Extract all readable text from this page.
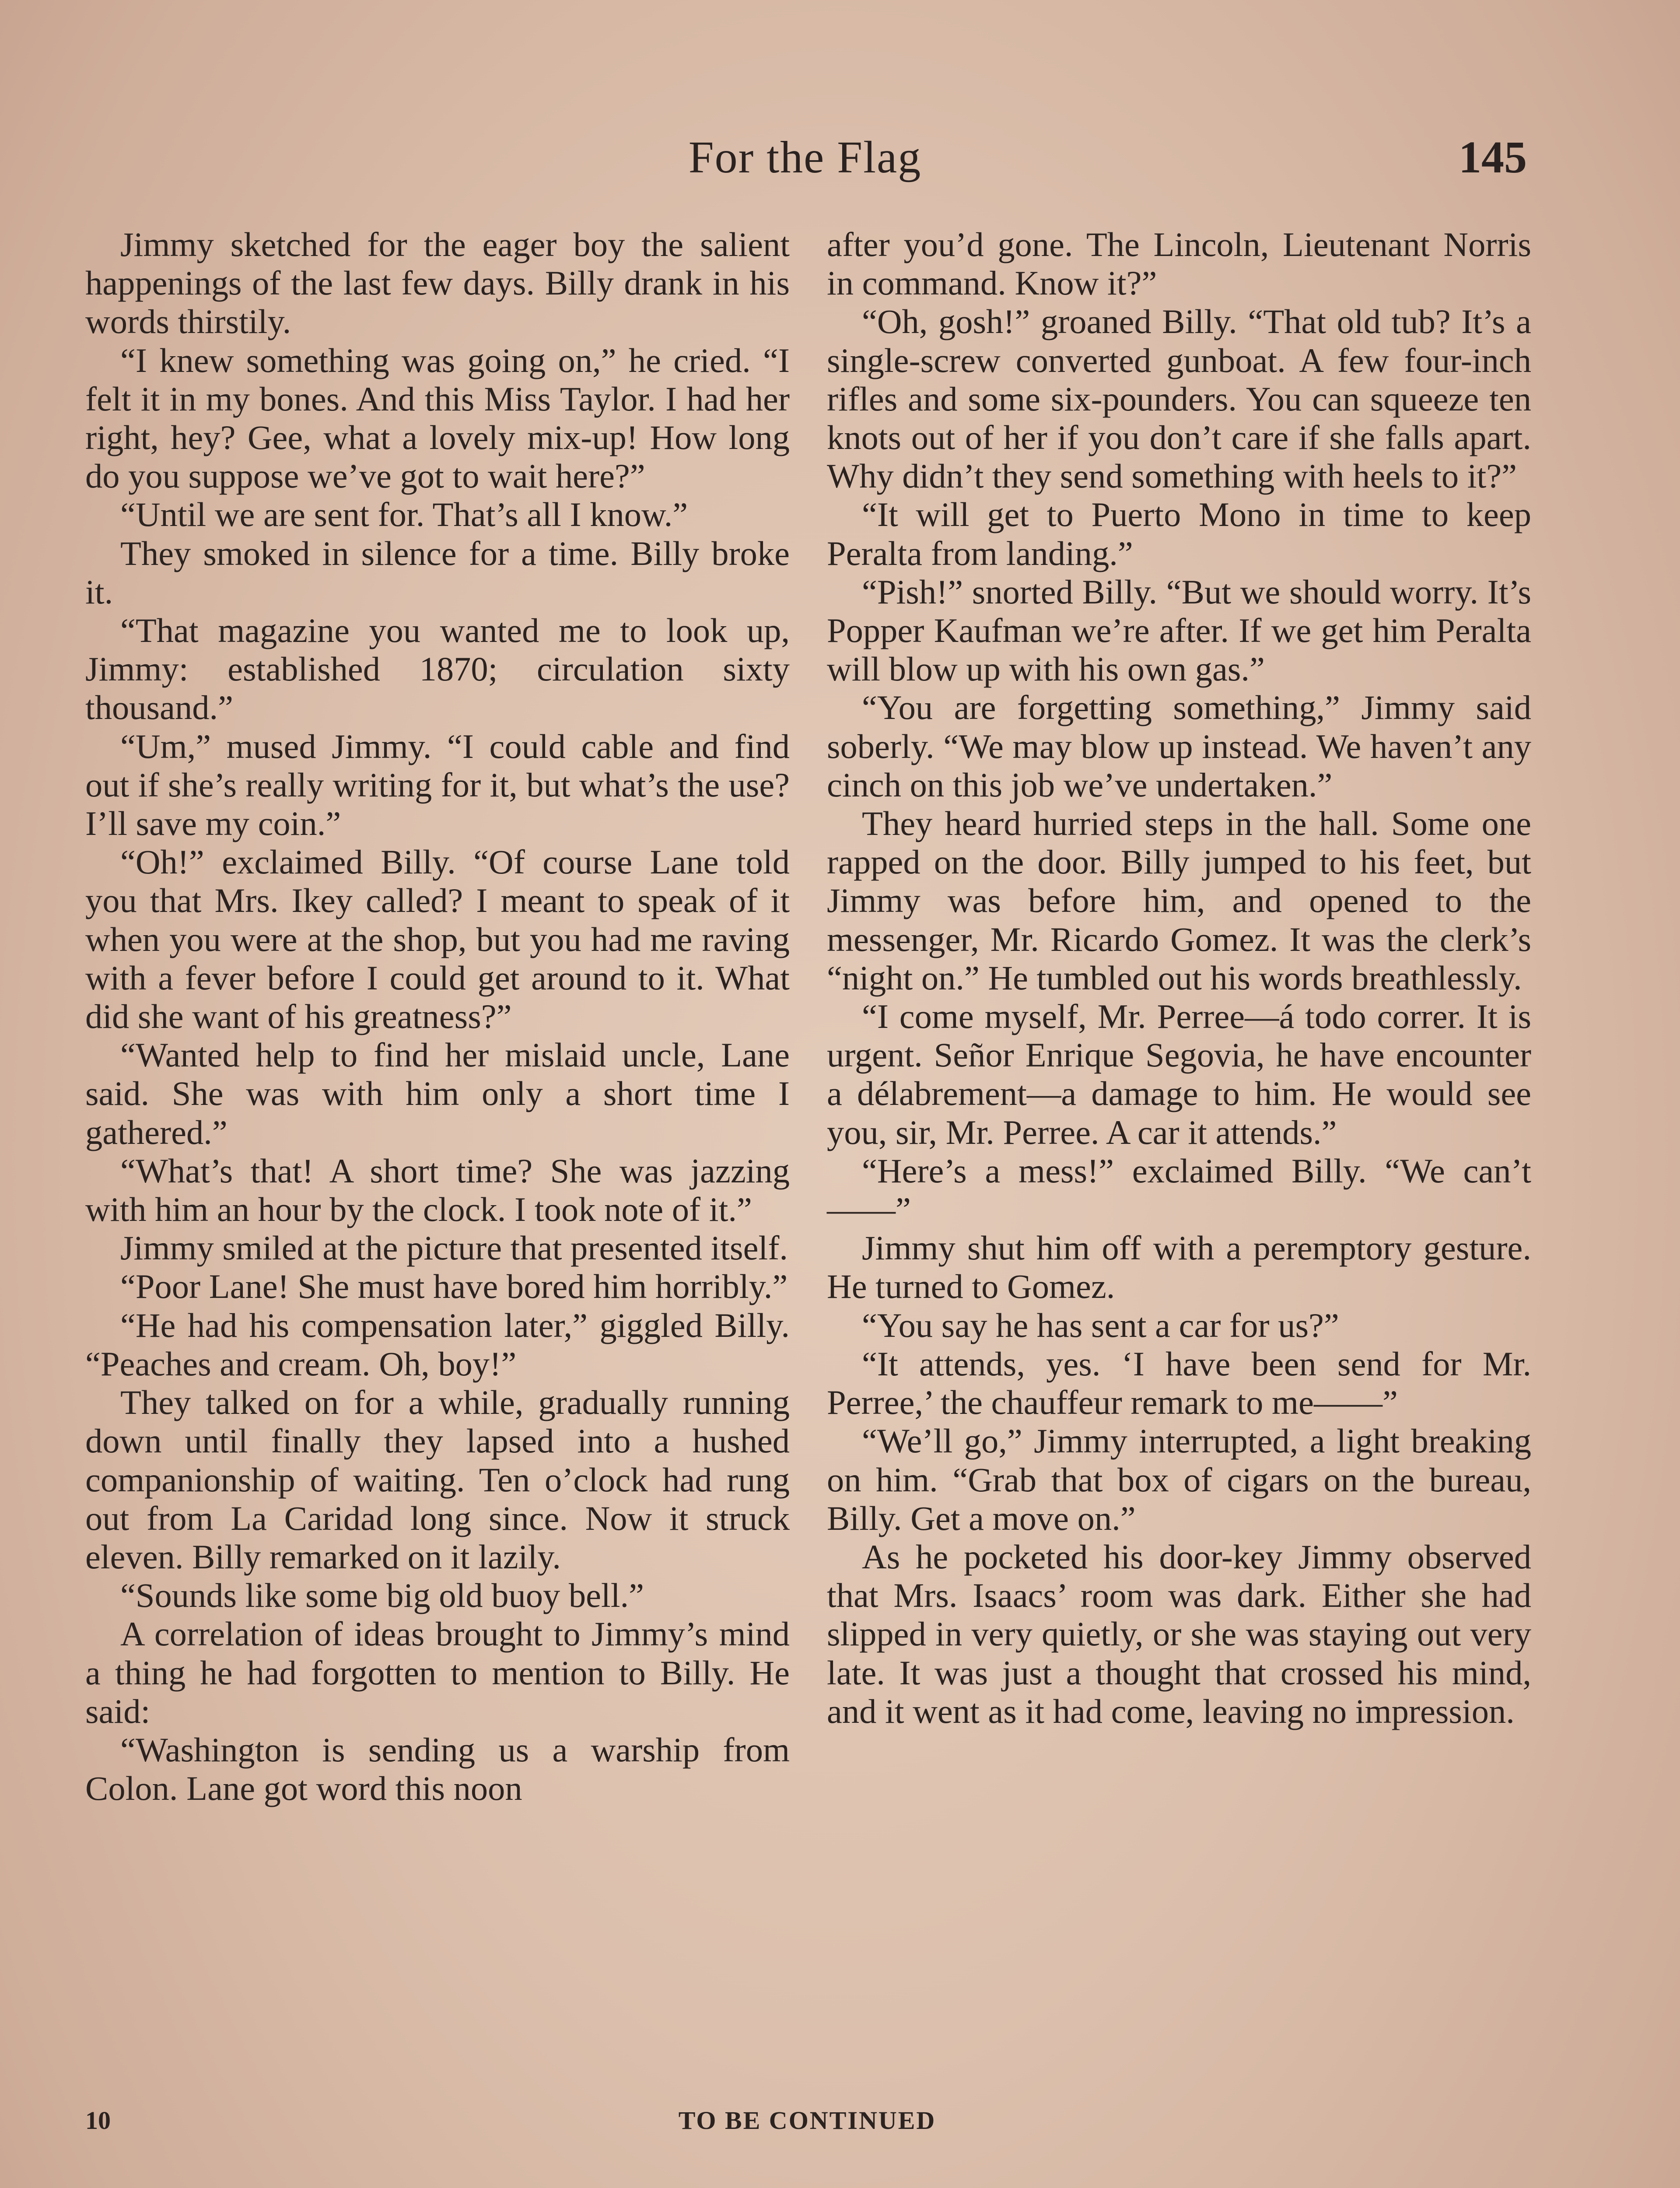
For the Flag	145

Jimmy sketched for the eager boy the salient happenings of the last few days. Billy drank in his words thirstily.

“I knew something was going on,” he cried. “I felt it in my bones. And this Miss Taylor. I had her right, hey? Gee, what a lovely mix-up! How long do you suppose we’ve got to wait here?”

“Until we are sent for. That’s all I know.”

They smoked in silence for a time. Billy broke it.

“That magazine you wanted me to look up, Jimmy: established 1870; circulation sixty thousand.”

“Um,” mused Jimmy. “I could cable and find out if she’s really writing for it, but what’s the use? I’ll save my coin.”

“Oh!” exclaimed Billy. “Of course Lane told you that Mrs. Ikey called? I meant to speak of it when you were at the shop, but you had me raving with a fever before I could get around to it. What did she want of his greatness?”

“Wanted help to find her mislaid uncle, Lane said. She was with him only a short time I gathered.”

“What’s that! A short time? She was jazzing with him an hour by the clock. I took note of it.”

Jimmy smiled at the picture that presented itself.

“Poor Lane! She must have bored him horribly.”

“He had his compensation later,” giggled Billy. “Peaches and cream. Oh, boy!”

They talked on for a while, gradually running down until finally they lapsed into a hushed companionship of waiting. Ten o’clock had rung out from La Caridad long since. Now it struck eleven. Billy remarked on it lazily.

“Sounds like some big old buoy bell.”

A correlation of ideas brought to Jimmy’s mind a thing he had forgotten to mention to Billy. He said:

“Washington is sending us a warship from Colon. Lane got word this noon

after you’d gone. The Lincoln, Lieutenant Norris in command. Know it?”

“Oh, gosh!” groaned Billy. “That old tub? It’s a single-screw converted gunboat. A few four-inch rifles and some six-pounders. You can squeeze ten knots out of her if you don’t care if she falls apart. Why didn’t they send something with heels to it?”

“It will get to Puerto Mono in time to keep Peralta from landing.”

“Pish!” snorted Billy. “But we should worry. It’s Popper Kaufman we’re after. If we get him Peralta will blow up with his own gas.”

“You are forgetting something,” Jimmy said soberly. “We may blow up instead. We haven’t any cinch on this job we’ve undertaken.”

They heard hurried steps in the hall. Some one rapped on the door. Billy jumped to his feet, but Jimmy was before him, and opened to the messenger, Mr. Ricardo Gomez. It was the clerk’s “night on.” He tumbled out his words breathlessly.

“I come myself, Mr. Perree—á todo correr. It is urgent. Señor Enrique Segovia, he have encounter a délabrement—a damage to him. He would see you, sir, Mr. Perree. A car it attends.”

“Here’s a mess!” exclaimed Billy. “We can’t——”

Jimmy shut him off with a peremptory gesture. He turned to Gomez.

“You say he has sent a car for us?”

“It attends, yes. ‘I have been send for Mr. Perree,’ the chauffeur remark to me——”

“We’ll go,” Jimmy interrupted, a light breaking on him. “Grab that box of cigars on the bureau, Billy. Get a move on.”

As he pocketed his door-key Jimmy observed that Mrs. Isaacs’ room was dark. Either she had slipped in very quietly, or she was staying out very late. It was just a thought that crossed his mind, and it went as it had come, leaving no impression.

10	TO BE CONTINUED
